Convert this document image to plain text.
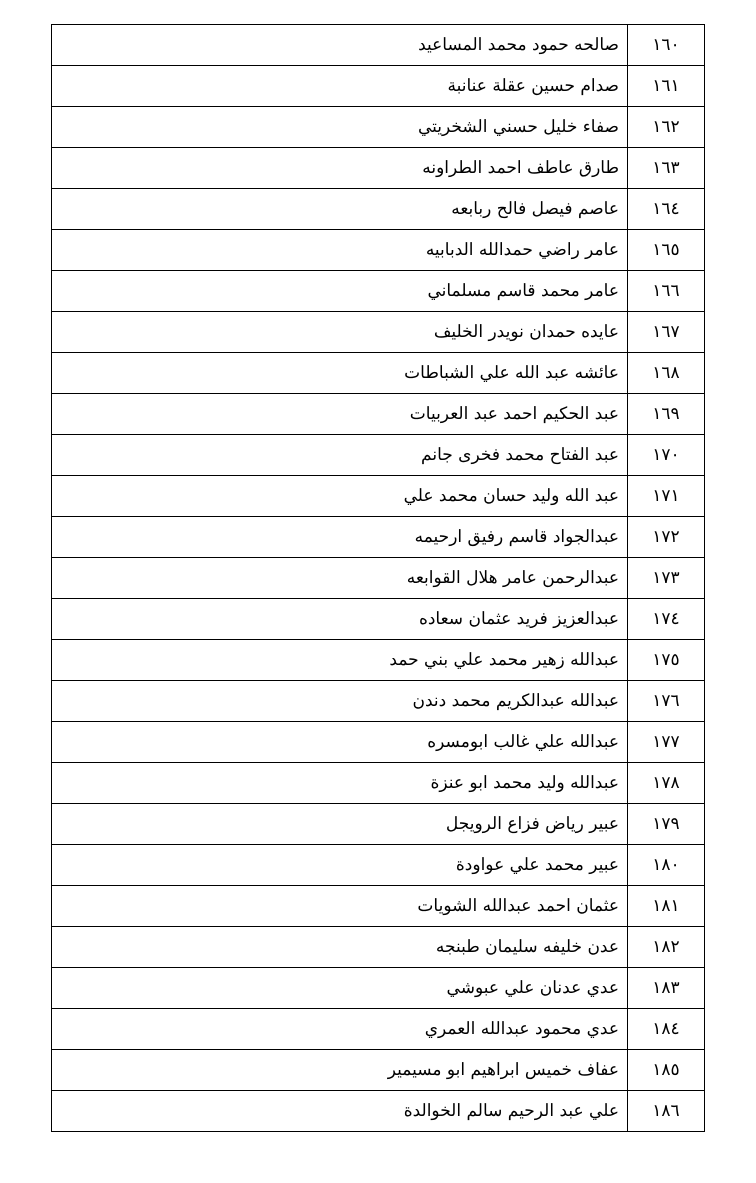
١٦٠	صالحه حمود محمد المساعيد
١٦١	صدام حسين عقلة عنانبة
١٦٢	صفاء خليل حسني الشخريتي
١٦٣	طارق عاطف احمد الطراونه
١٦٤	عاصم فيصل فالح ربابعه
١٦٥	عامر راضي حمدالله الدبابيه
١٦٦	عامر محمد قاسم مسلماني
١٦٧	عايده حمدان نويدر الخليف
١٦٨	عائشه عبد الله علي الشباطات
١٦٩	عبد الحكيم احمد عبد العربيات
١٧٠	عبد الفتاح محمد فخرى جانم
١٧١	عبد الله وليد حسان محمد علي
١٧٢	عبدالجواد قاسم رفيق ارحيمه
١٧٣	عبدالرحمن عامر هلال القوابعه
١٧٤	عبدالعزيز فريد عثمان سعاده
١٧٥	عبدالله زهير محمد علي بني حمد
١٧٦	عبدالله عبدالكريم محمد دندن
١٧٧	عبدالله علي غالب ابومسره
١٧٨	عبدالله وليد محمد ابو عنزة
١٧٩	عبير رياض فزاع الرويجل
١٨٠	عبير محمد علي عواودة
١٨١	عثمان احمد عبدالله الشويات
١٨٢	عدن خليفه سليمان طبنجه
١٨٣	عدي عدنان علي عبوشي
١٨٤	عدي محمود عبدالله العمري
١٨٥	عفاف خميس ابراهيم ابو مسيمير
١٨٦	علي عبد الرحيم سالم الخوالدة
